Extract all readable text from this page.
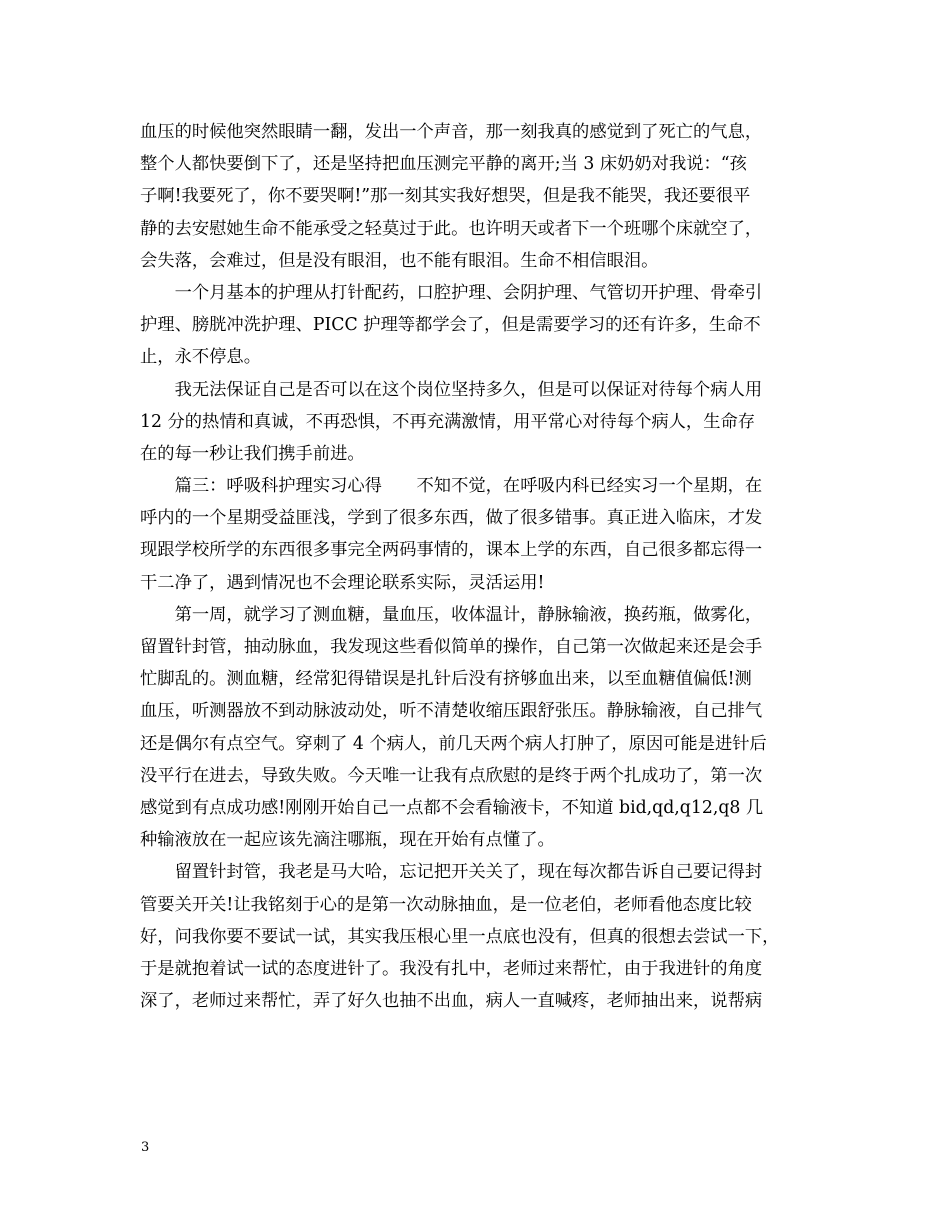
血压的时候他突然眼睛一翻，发出一个声音，那一刻我真的感觉到了死亡的气息，
整个人都快要倒下了，还是坚持把血压测完平静的离开;当 3 床奶奶对我说：“孩
子啊!我要死了，你不要哭啊!”那一刻其实我好想哭，但是我不能哭，我还要很平
静的去安慰她生命不能承受之轻莫过于此。也许明天或者下一个班哪个床就空了，
会失落，会难过，但是没有眼泪，也不能有眼泪。生命不相信眼泪。

　　一个月基本的护理从打针配药，口腔护理、会阴护理、气管切开护理、骨牵引
护理、膀胱冲洗护理、PICC 护理等都学会了，但是需要学习的还有许多，生命不
止，永不停息。

　　我无法保证自己是否可以在这个岗位坚持多久，但是可以保证对待每个病人用
12 分的热情和真诚，不再恐惧，不再充满激情，用平常心对待每个病人，生命存
在的每一秒让我们携手前进。

　　篇三：呼吸科护理实习心得　　不知不觉，在呼吸内科已经实习一个星期，在
呼内的一个星期受益匪浅，学到了很多东西，做了很多错事。真正进入临床，才发
现跟学校所学的东西很多事完全两码事情的，课本上学的东西，自己很多都忘得一
干二净了，遇到情况也不会理论联系实际，灵活运用!

　　第一周，就学习了测血糖，量血压，收体温计，静脉输液，换药瓶，做雾化，
留置针封管，抽动脉血，我发现这些看似简单的操作，自己第一次做起来还是会手
忙脚乱的。测血糖，经常犯得错误是扎针后没有挤够血出来，以至血糖值偏低!测
血压，听测器放不到动脉波动处，听不清楚收缩压跟舒张压。静脉输液，自己排气
还是偶尔有点空气。穿刺了 4 个病人，前几天两个病人打肿了，原因可能是进针后
没平行在进去，导致失败。今天唯一让我有点欣慰的是终于两个扎成功了，第一次
感觉到有点成功感!刚刚开始自己一点都不会看输液卡，不知道 bid,qd,q12,q8 几
种输液放在一起应该先滴注哪瓶，现在开始有点懂了。

　　留置针封管，我老是马大哈，忘记把开关关了，现在每次都告诉自己要记得封
管要关开关!让我铭刻于心的是第一次动脉抽血，是一位老伯，老师看他态度比较
好，问我你要不要试一试，其实我压根心里一点底也没有，但真的很想去尝试一下，
于是就抱着试一试的态度进针了。我没有扎中，老师过来帮忙，由于我进针的角度
深了，老师过来帮忙，弄了好久也抽不出血，病人一直喊疼，老师抽出来，说帮病

3
